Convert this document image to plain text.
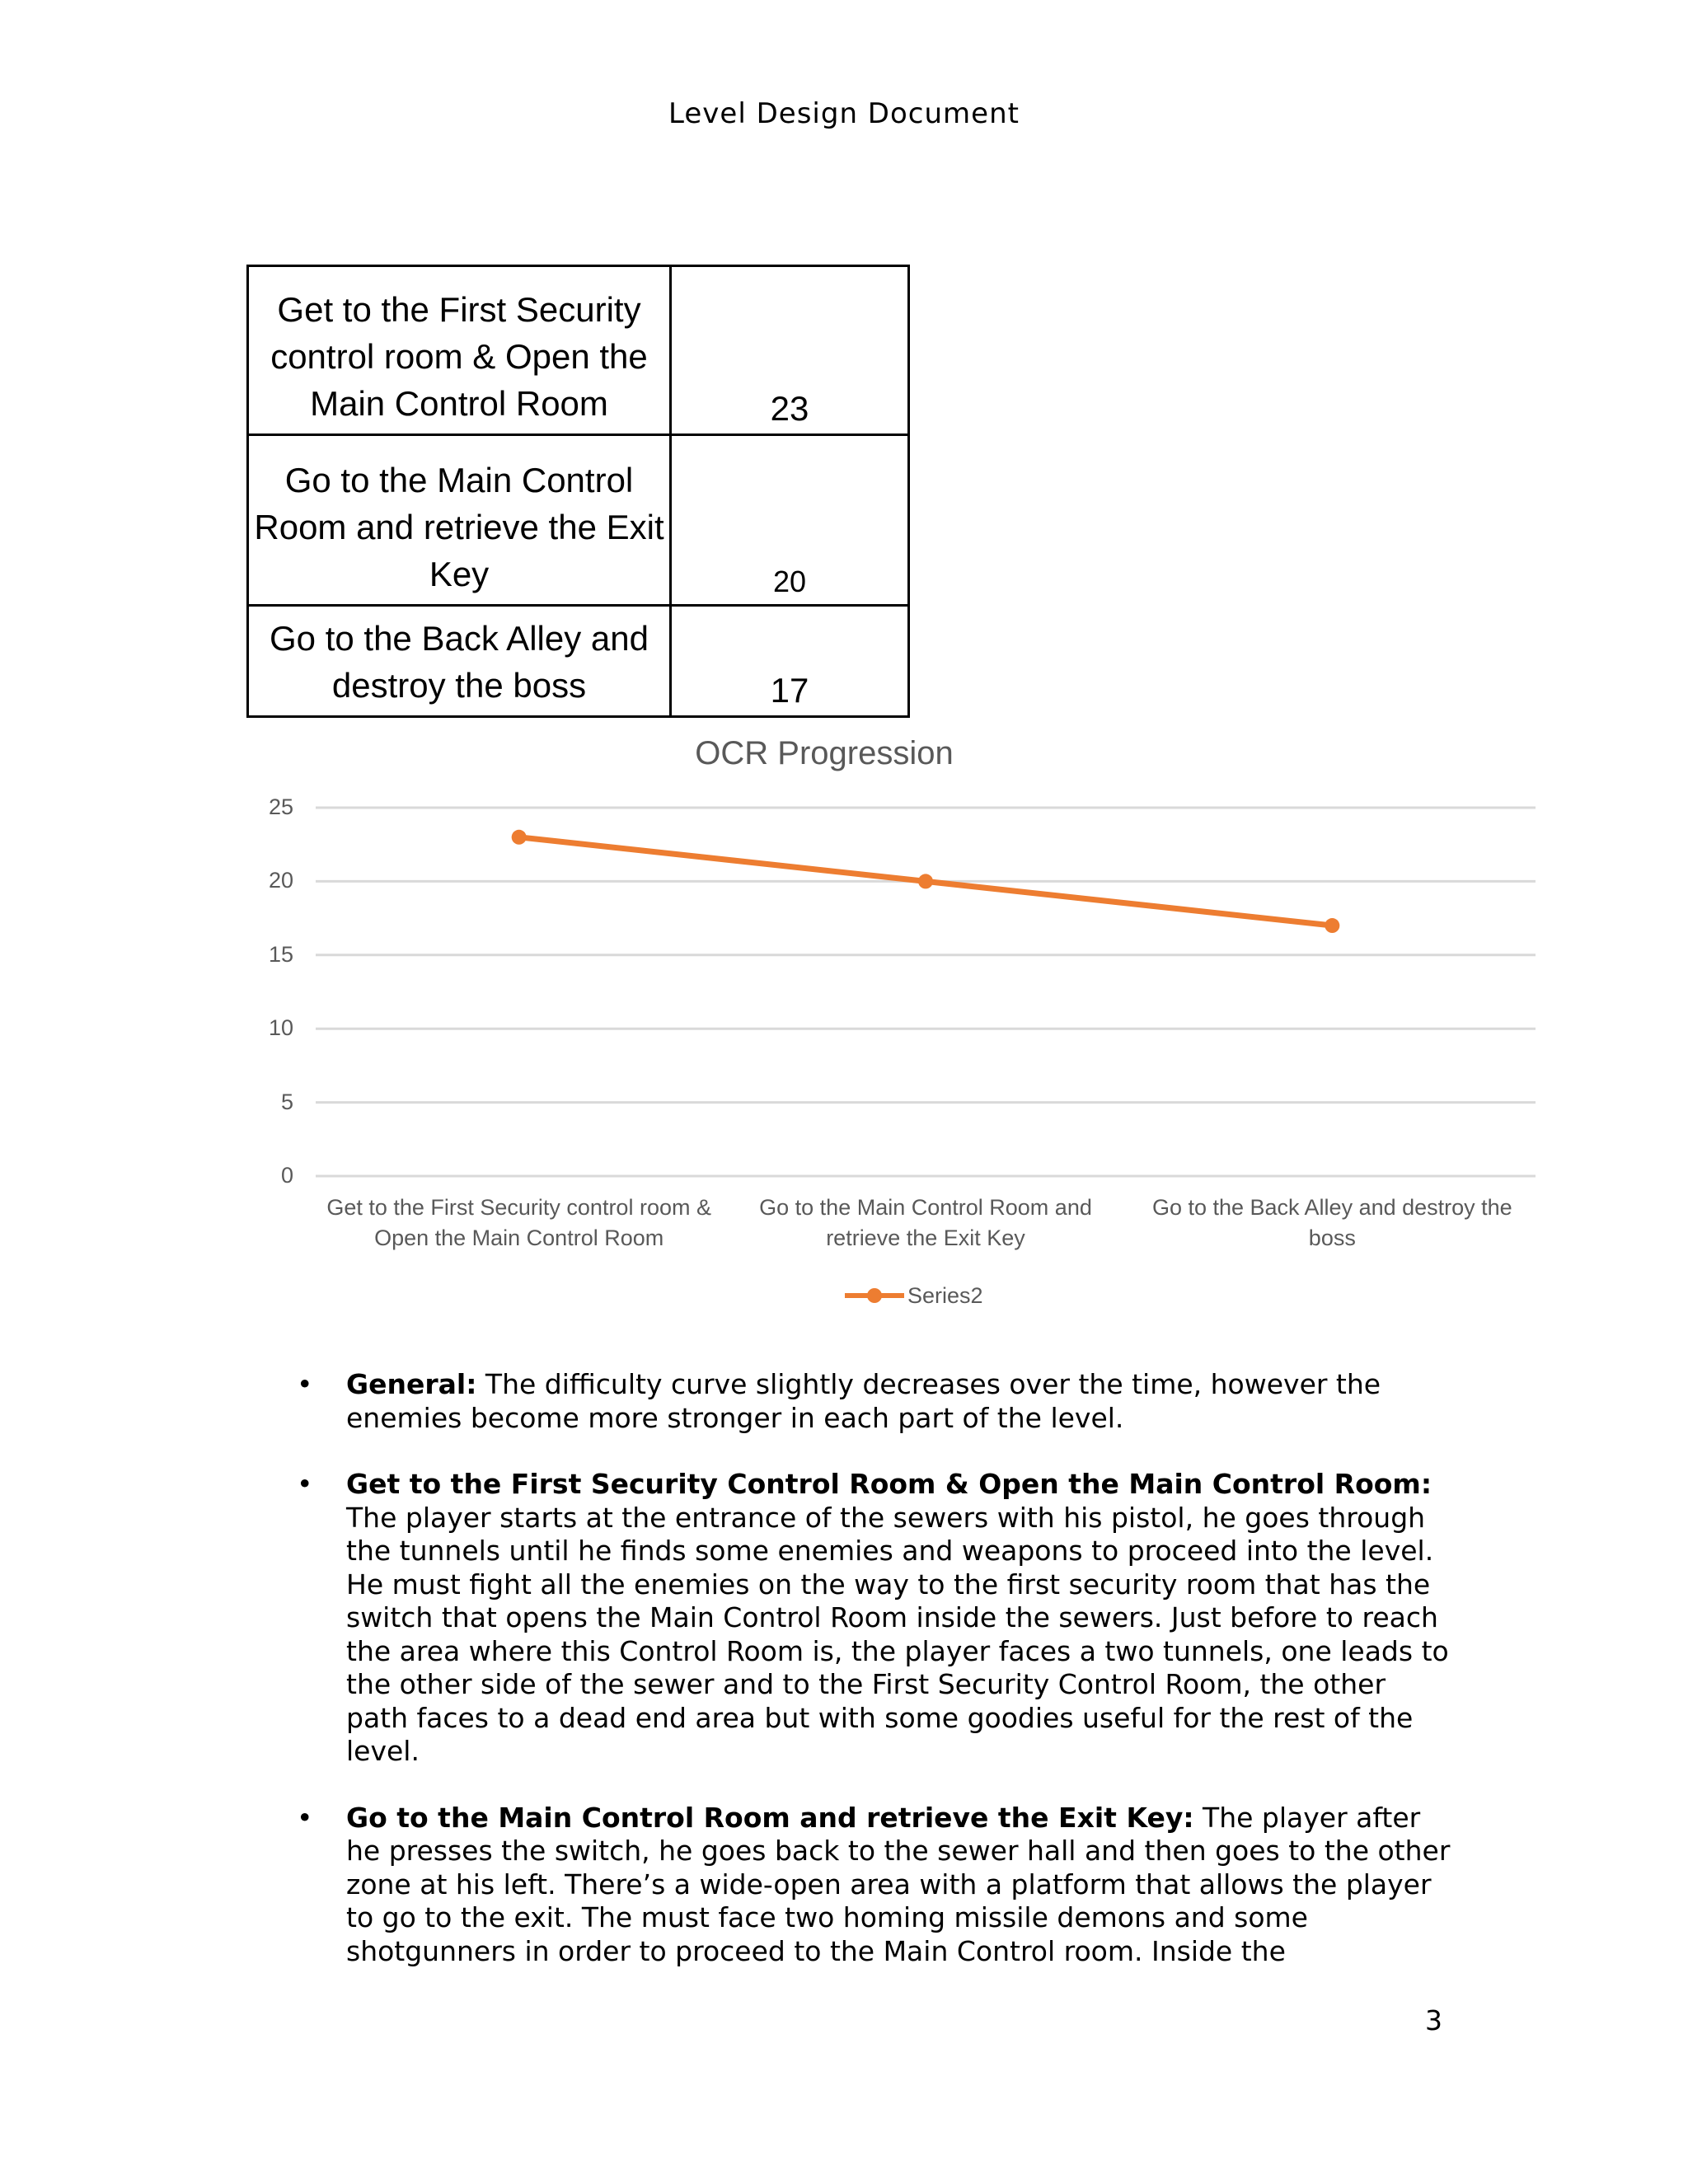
Level Design Document
Get to the First Security control room & Open the Main Control Room	23
Go to the Main Control Room and retrieve the Exit Key	20
Go to the Back Alley and destroy the boss	17
OCR Progression
0
5
10
15
20
25
Get to the First Security control room & Open the Main Control Room
Go to the Main Control Room and retrieve the Exit Key
Go to the Back Alley and destroy the boss
Series2
• General: The difficulty curve slightly decreases over the time, however the enemies become more stronger in each part of the level.
• Get to the First Security Control Room & Open the Main Control Room: The player starts at the entrance of the sewers with his pistol, he goes through the tunnels until he finds some enemies and weapons to proceed into the level. He must fight all the enemies on the way to the first security room that has the switch that opens the Main Control Room inside the sewers. Just before to reach the area where this Control Room is, the player faces a two tunnels, one leads to the other side of the sewer and to the First Security Control Room, the other path faces to a dead end area but with some goodies useful for the rest of the level.
• Go to the Main Control Room and retrieve the Exit Key: The player after he presses the switch, he goes back to the sewer hall and then goes to the other zone at his left. There’s a wide-open area with a platform that allows the player to go to the exit. The must face two homing missile demons and some shotgunners in order to proceed to the Main Control room. Inside the
3
